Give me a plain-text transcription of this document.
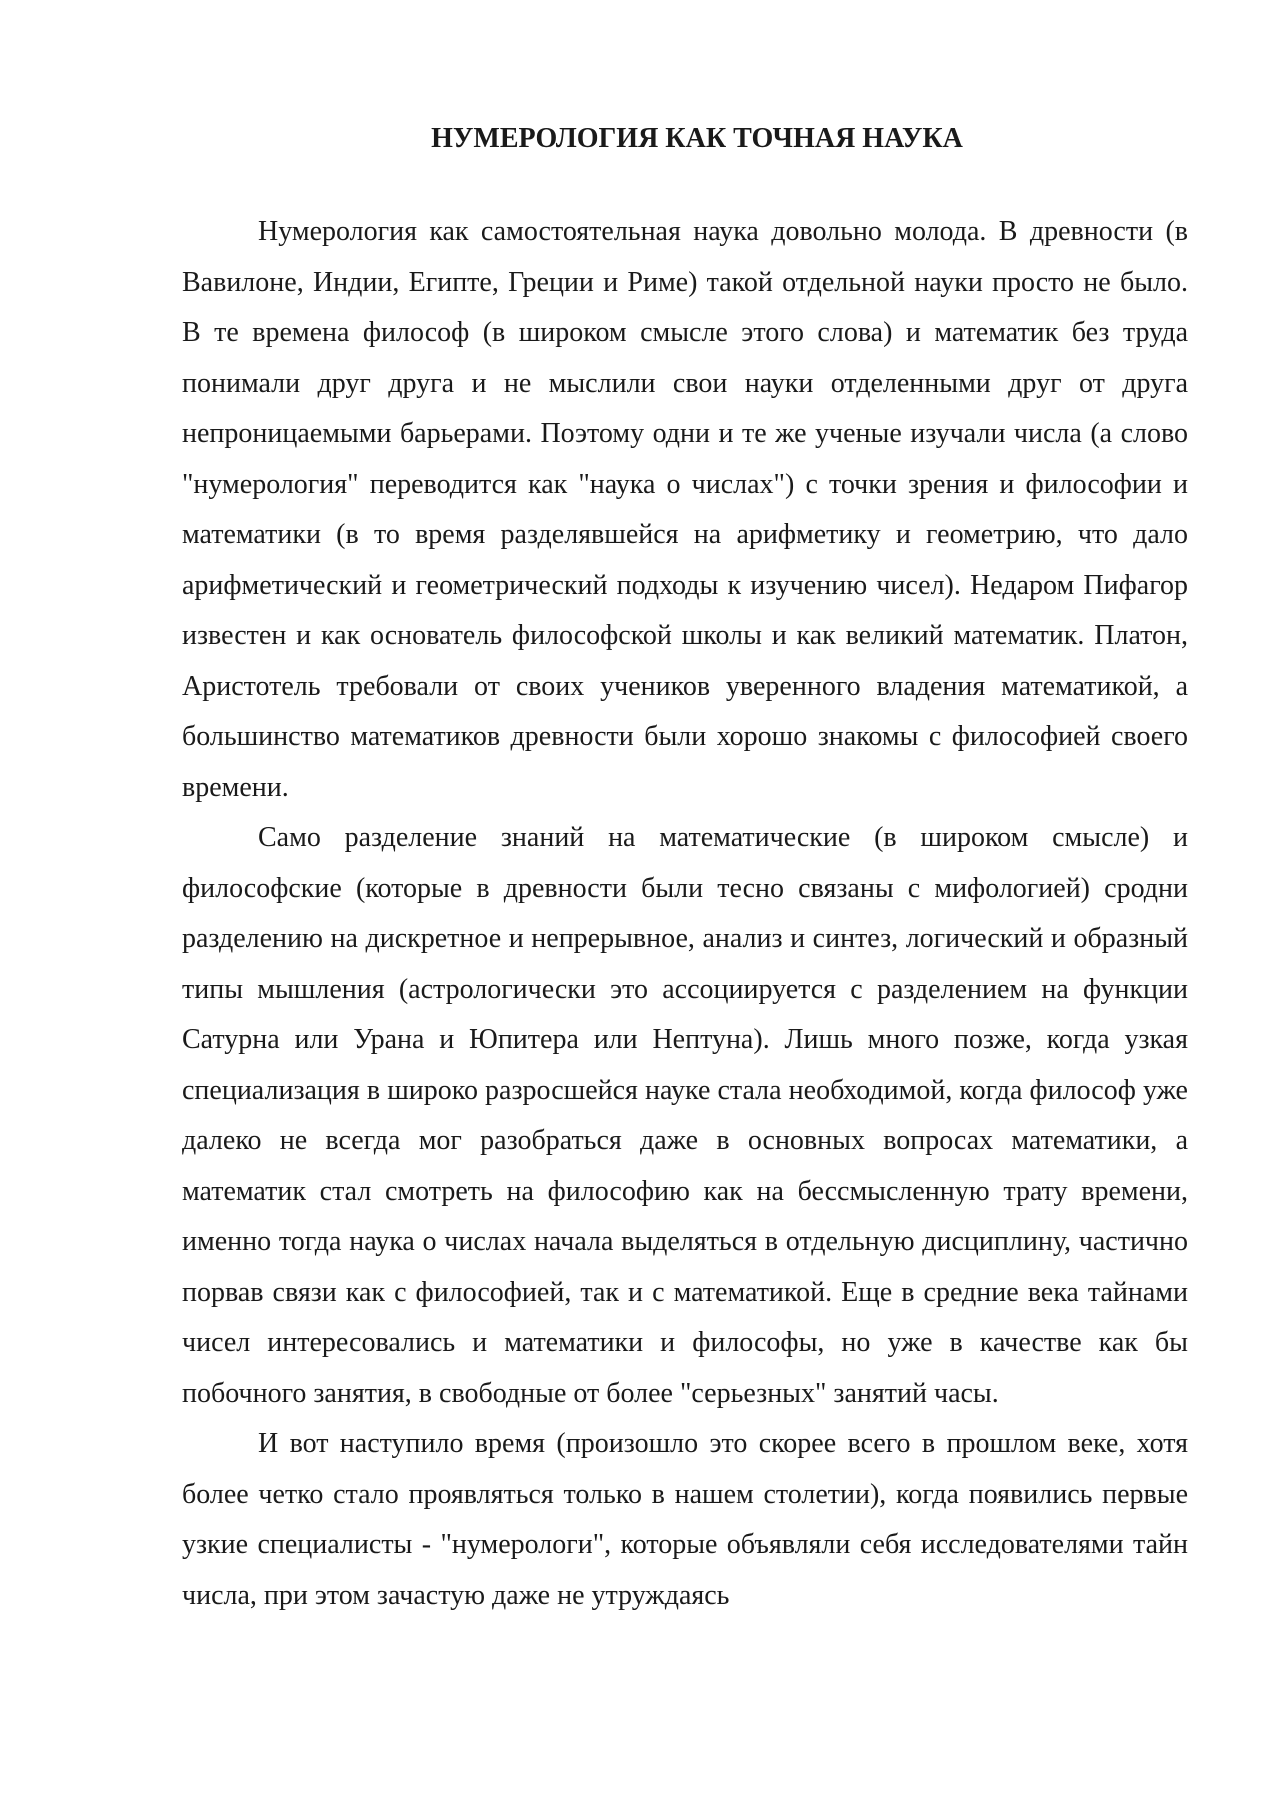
НУМЕРОЛОГИЯ КАК ТОЧНАЯ НАУКА

Нумерология как самостоятельная наука довольно молода. В древности (в Вавилоне, Индии, Египте, Греции и Риме) такой отдельной науки просто не было. В те времена философ (в широком смысле этого слова) и математик без труда понимали друг друга и не мыслили свои науки отделенными друг от друга непроницаемыми барьерами. Поэтому одни и те же ученые изучали числа (а слово "нумерология" переводится как "наука о числах") с точки зрения и философии и математики (в то время разделявшейся на арифметику и геометрию, что дало арифметический и геометрический подходы к изучению чисел). Недаром Пифагор известен и как основатель философской школы и как великий математик. Платон, Аристотель требовали от своих учеников уверенного владения математикой, а большинство математиков древности были хорошо знакомы с философией своего времени.

Само разделение знаний на математические (в широком смысле) и философские (которые в древности были тесно связаны с мифологией) сродни разделению на дискретное и непрерывное, анализ и синтез, логический и образный типы мышления (астрологически это ассоциируется с разделением на функции Сатурна или Урана и Юпитера или Нептуна). Лишь много позже, когда узкая специализация в широко разросшейся науке стала необходимой, когда философ уже далеко не всегда мог разобраться даже в основных вопросах математики, а математик стал смотреть на философию как на бессмысленную трату времени, именно тогда наука о числах начала выделяться в отдельную дисциплину, частично порвав связи как с философией, так и с математикой. Еще в средние века тайнами чисел интересовались и математики и философы, но уже в качестве как бы побочного занятия, в свободные от более "серьезных" занятий часы.

И вот наступило время (произошло это скорее всего в прошлом веке, хотя более четко стало проявляться только в нашем столетии), когда появились первые узкие специалисты - "нумерологи", которые объявляли себя исследователями тайн числа, при этом зачастую даже не утруждаясь
